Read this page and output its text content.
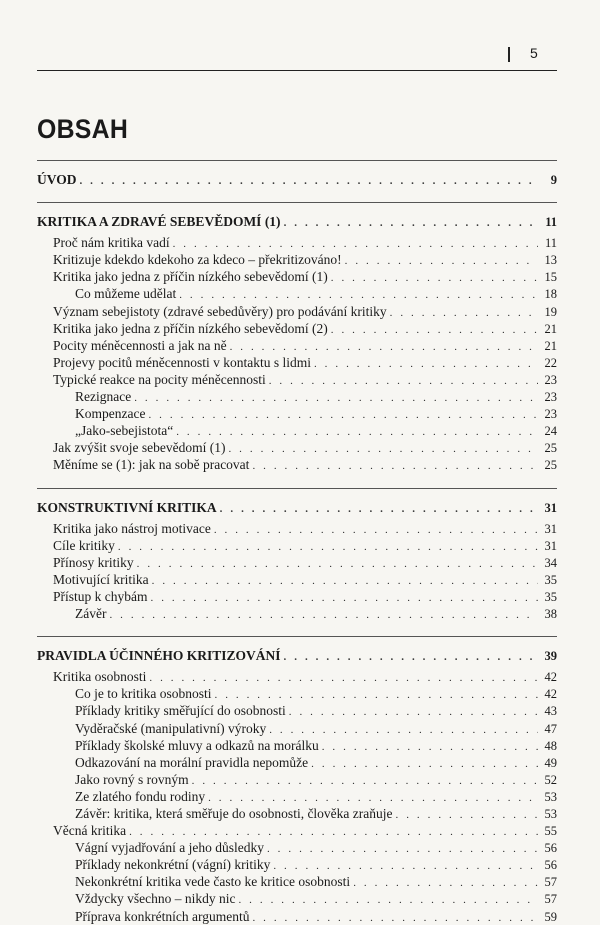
5
OBSAH
ÚVOD . . .	9
KRITIKA A ZDRAVÉ SEBEVĚDOMÍ (1) . . .	11
Proč nám kritika vadí . . .	11
Kritizuje kdekdo kdekoho za kdeco – překritizováno! . . .	13
Kritika jako jedna z příčin nízkého sebevědomí (1) . . .	15
Co můžeme udělat . . .	18
Význam sebejistoty (zdravé sebedůvěry) pro podávání kritiky . . .	19
Kritika jako jedna z příčin nízkého sebevědomí (2) . . .	21
Pocity méněcennosti a jak na ně . . .	21
Projevy pocitů méněcennosti v kontaktu s lidmi . . .	22
Typické reakce na pocity méněcennosti . . .	23
Rezignace . . .	23
Kompenzace . . .	23
„Jako-sebejistota“ . . .	24
Jak zvýšit svoje sebevědomí (1) . . .	25
Měníme se (1): jak na sobě pracovat . . .	25
KONSTRUKTIVNÍ KRITIKA . . .	31
Kritika jako nástroj motivace . . .	31
Cíle kritiky . . .	31
Přínosy kritiky . . .	34
Motivující kritika . . .	35
Přístup k chybám . . .	35
Závěr . . .	38
PRAVIDLA ÚČINNÉHO KRITIZOVÁNÍ . . .	39
Kritika osobnosti . . .	42
Co je to kritika osobnosti . . .	42
Příklady kritiky směřující do osobnosti . . .	43
Vyděračské (manipulativní) výroky . . .	47
Příklady školské mluvy a odkazů na morálku . . .	48
Odkazování na morální pravidla nepomůže . . .	49
Jako rovný s rovným . . .	52
Ze zlatého fondu rodiny . . .	53
Závěr: kritika, která směřuje do osobnosti, člověka zraňuje . . .	53
Věcná kritika . . .	55
Vágní vyjadřování a jeho důsledky . . .	56
Příklady nekonkrétní (vágní) kritiky . . .	56
Nekonkrétní kritika vede často ke kritice osobnosti . . .	57
Vždycky všechno – nikdy nic . . .	57
Příprava konkrétních argumentů . . .	59
